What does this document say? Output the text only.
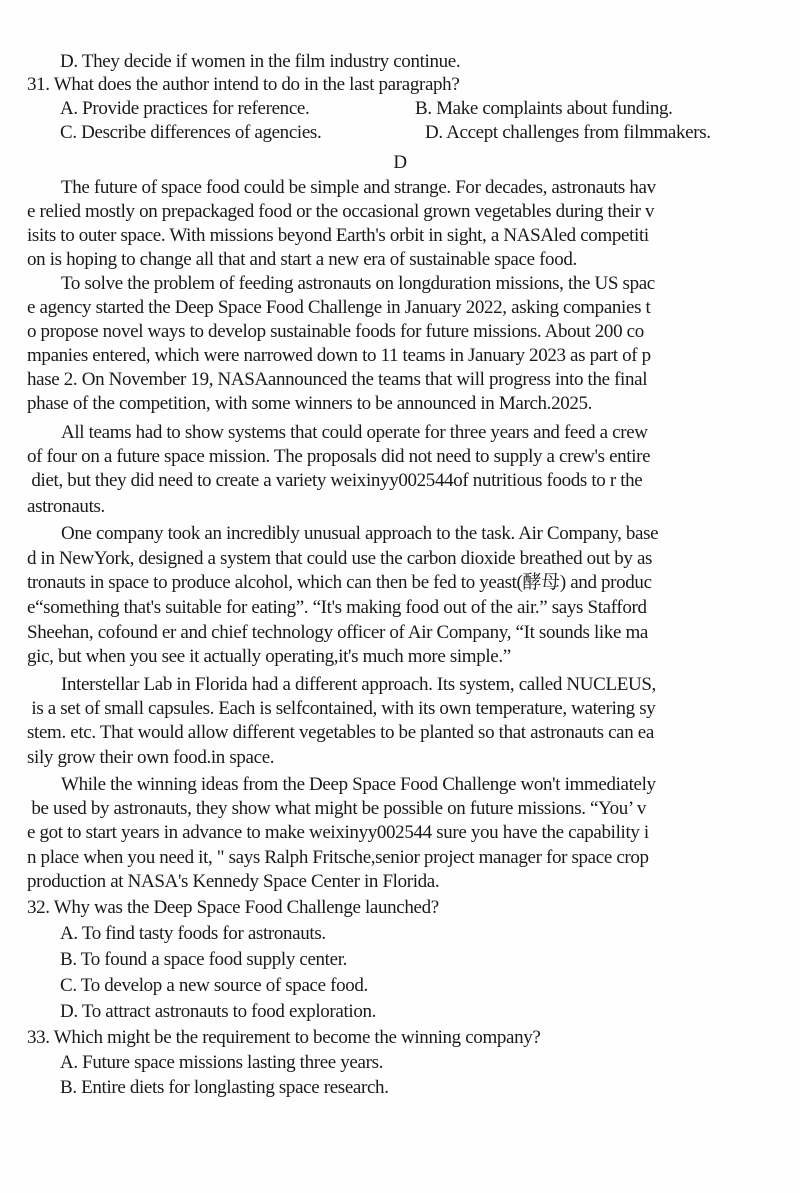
D. They decide if women in the film industry continue.
31. What does the author intend to do in the last paragraph?
A. Provide practices for reference.	B. Make complaints about funding.
C. Describe differences of agencies.	D. Accept challenges from filmmakers.
D
The future of space food could be simple and strange. For decades, astronauts hav
e relied mostly on prepackaged food or the occasional grown vegetables during their v
isits to outer space. With missions beyond Earth's orbit in sight, a NASAled competiti
on is hoping to change all that and start a new era of sustainable space food.
To solve the problem of feeding astronauts on longduration missions, the US spac
e agency started the Deep Space Food Challenge in January 2022, asking companies t
o propose novel ways to develop sustainable foods for future missions. About 200 co
mpanies entered, which were narrowed down to 11 teams in January 2023 as part of p
hase 2. On November 19, NASAannounced the teams that will progress into the final
phase of the competition, with some winners to be announced in March.2025.
All teams had to show systems that could operate for three years and feed a crew
of four on a future space mission. The proposals did not need to supply a crew's entire
diet, but they did need to create a variety weixinyy002544of nutritious foods to r the
astronauts.
One company took an incredibly unusual approach to the task. Air Company, base
d in NewYork, designed a system that could use the carbon dioxide breathed out by as
tronauts in space to produce alcohol, which can then be fed to yeast(酵母) and produc
e“something that's suitable for eating”. “It's making food out of the air.” says Stafford
Sheehan, cofound er and chief technology officer of Air Company, “It sounds like ma
gic, but when you see it actually operating,it's much more simple.”
Interstellar Lab in Florida had a different approach. Its system, called NUCLEUS,
is a set of small capsules. Each is selfcontained, with its own temperature, watering sy
stem. etc. That would allow different vegetables to be planted so that astronauts can ea
sily grow their own food.in space.
While the winning ideas from the Deep Space Food Challenge won't immediately
be used by astronauts, they show what might be possible on future missions. “You’ v
e got to start years in advance to make weixinyy002544 sure you have the capability i
n place when you need it, " says Ralph Fritsche,senior project manager for space crop
production at NASA's Kennedy Space Center in Florida.
32. Why was the Deep Space Food Challenge launched?
A. To find tasty foods for astronauts.
B. To found a space food supply center.
C. To develop a new source of space food.
D. To attract astronauts to food exploration.
33. Which might be the requirement to become the winning company?
A. Future space missions lasting three years.
B. Entire diets for longlasting space research.
